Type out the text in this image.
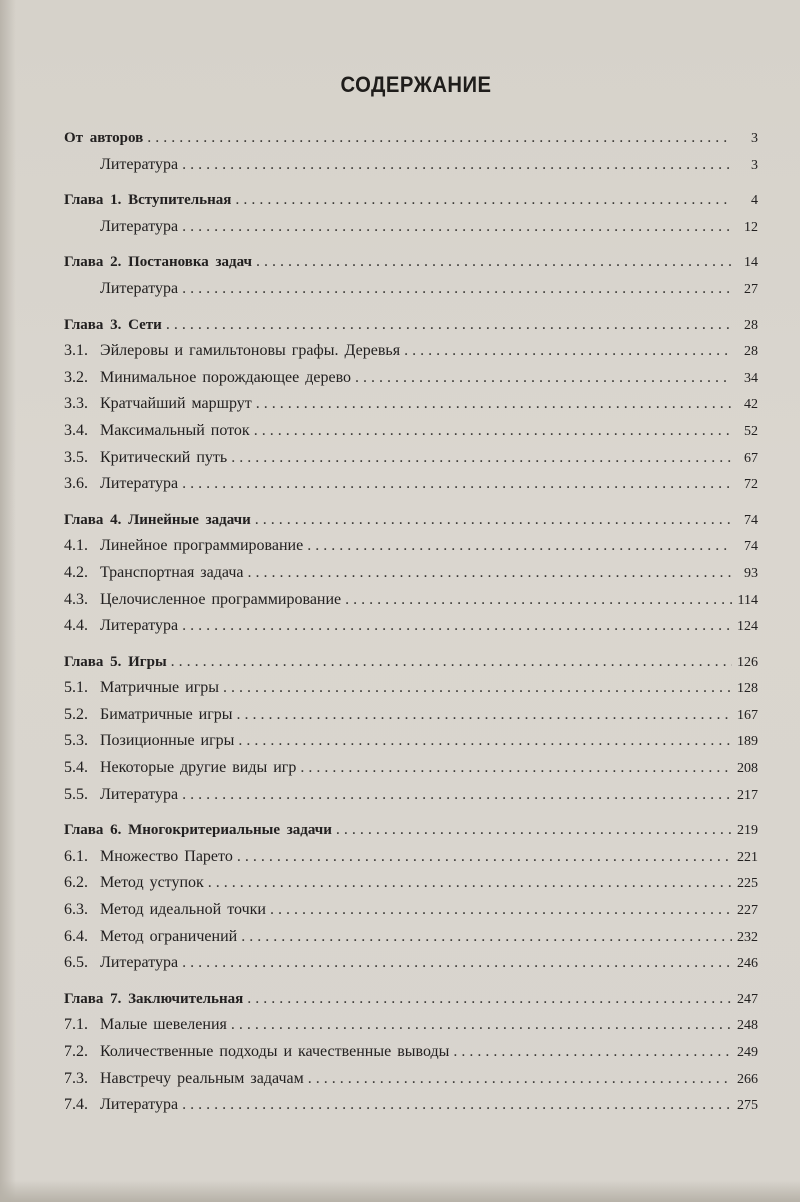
СОДЕРЖАНИЕ
От авторов . . .	3
Литература . . .	3
Глава 1. Вступительная . . .	4
Литература . . .	12
Глава 2. Постановка задач . . .	14
Литература . . .	27
Глава 3. Сети . . .	28
3.1. Эйлеровы и гамильтоновы графы. Деревья . . .	28
3.2. Минимальное порождающее дерево . . .	34
3.3. Кратчайший маршрут . . .	42
3.4. Максимальный поток . . .	52
3.5. Критический путь . . .	67
3.6. Литература . . .	72
Глава 4. Линейные задачи . . .	74
4.1. Линейное программирование . . .	74
4.2. Транспортная задача . . .	93
4.3. Целочисленное программирование . . .	114
4.4. Литература . . .	124
Глава 5. Игры . . .	126
5.1. Матричные игры . . .	128
5.2. Биматричные игры . . .	167
5.3. Позиционные игры . . .	189
5.4. Некоторые другие виды игр . . .	208
5.5. Литература . . .	217
Глава 6. Многокритериальные задачи . . .	219
6.1. Множество Парето . . .	221
6.2. Метод уступок . . .	225
6.3. Метод идеальной точки . . .	227
6.4. Метод ограничений . . .	232
6.5. Литература . . .	246
Глава 7. Заключительная . . .	247
7.1. Малые шевеления . . .	248
7.2. Количественные подходы и качественные выводы . . .	249
7.3. Навстречу реальным задачам . . .	266
7.4. Литература . . .	275
